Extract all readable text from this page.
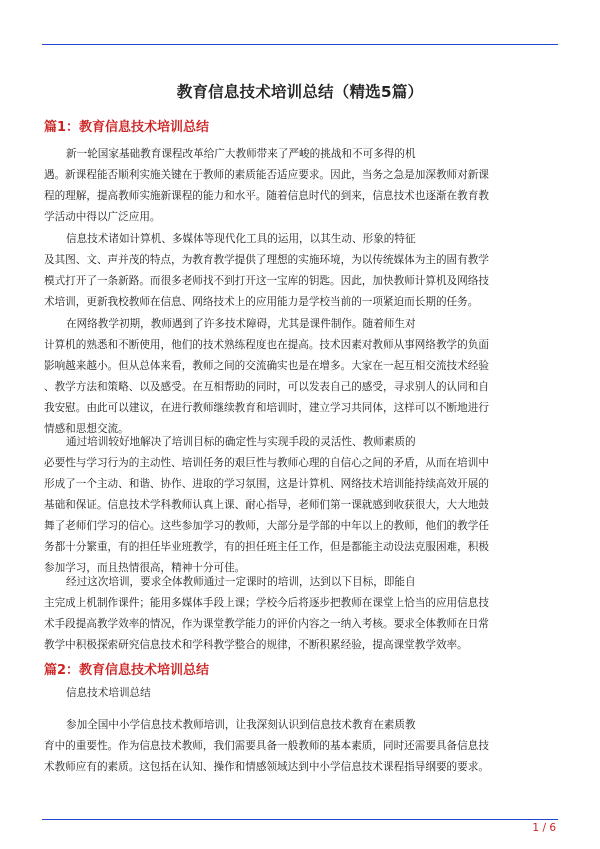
教育信息技术培训总结（精选5篇）
篇1：教育信息技术培训总结
新一轮国家基础教育课程改革给广大教师带来了严峻的挑战和不可多得的机
遇。新课程能否顺利实施关键在于教师的素质能否适应要求。因此，当务之急是加深教师对新课
程的理解，提高教师实施新课程的能力和水平。随着信息时代的到来，信息技术也逐渐在教育教
学活动中得以广泛应用。
信息技术诸如计算机、多媒体等现代化工具的运用，以其生动、形象的特征
及其图、文、声并茂的特点，为教育教学提供了理想的实施环境，为以传统媒体为主的固有教学
模式打开了一条新路。而很多老师找不到打开这一宝库的钥匙。因此，加快教师计算机及网络技
术培训，更新我校教师在信息、网络技术上的应用能力是学校当前的一项紧迫而长期的任务。
在网络教学初期，教师遇到了许多技术障碍，尤其是课件制作。随着师生对
计算机的熟悉和不断使用，他们的技术熟练程度也在提高。技术因素对教师从事网络教学的负面
影响越来越小。但从总体来看，教师之间的交流确实也是在增多。大家在一起互相交流技术经验
、教学方法和策略、以及感受。在互相帮助的同时，可以发表自己的感受，寻求别人的认同和自
我安慰。由此可以建议，在进行教师继续教育和培训时，建立学习共同体，这样可以不断地进行
情感和思想交流。
通过培训较好地解决了培训目标的确定性与实现手段的灵活性、教师素质的
必要性与学习行为的主动性、培训任务的艰巨性与教师心理的自信心之间的矛盾，从而在培训中
形成了一个主动、和谐、协作、进取的学习氛围，这是计算机、网络技术培训能持续高效开展的
基础和保证。信息技术学科教师认真上课、耐心指导，老师们第一课就感到收获很大，大大地鼓
舞了老师们学习的信心。这些参加学习的教师，大部分是学部的中年以上的教师，他们的教学任
务都十分繁重，有的担任毕业班教学，有的担任班主任工作，但是都能主动设法克服困难，积极
参加学习，而且热情很高，精神十分可佳。
经过这次培训，要求全体教师通过一定课时的培训，达到以下目标，即能自
主完成上机制作课件；能用多媒体手段上课；学校今后将逐步把教师在课堂上恰当的应用信息技
术手段提高教学效率的情况，作为课堂教学能力的评价内容之一纳入考核。要求全体教师在日常
教学中积极探索研究信息技术和学科教学整合的规律，不断积累经验，提高课堂教学效率。
篇2：教育信息技术培训总结
信息技术培训总结
参加全国中小学信息技术教师培训，让我深刻认识到信息技术教育在素质教
育中的重要性。作为信息技术教师，我们需要具备一般教师的基本素质，同时还需要具备信息技
术教师应有的素质。这包括在认知、操作和情感领域达到中小学信息技术课程指导纲要的要求。
1 / 6
